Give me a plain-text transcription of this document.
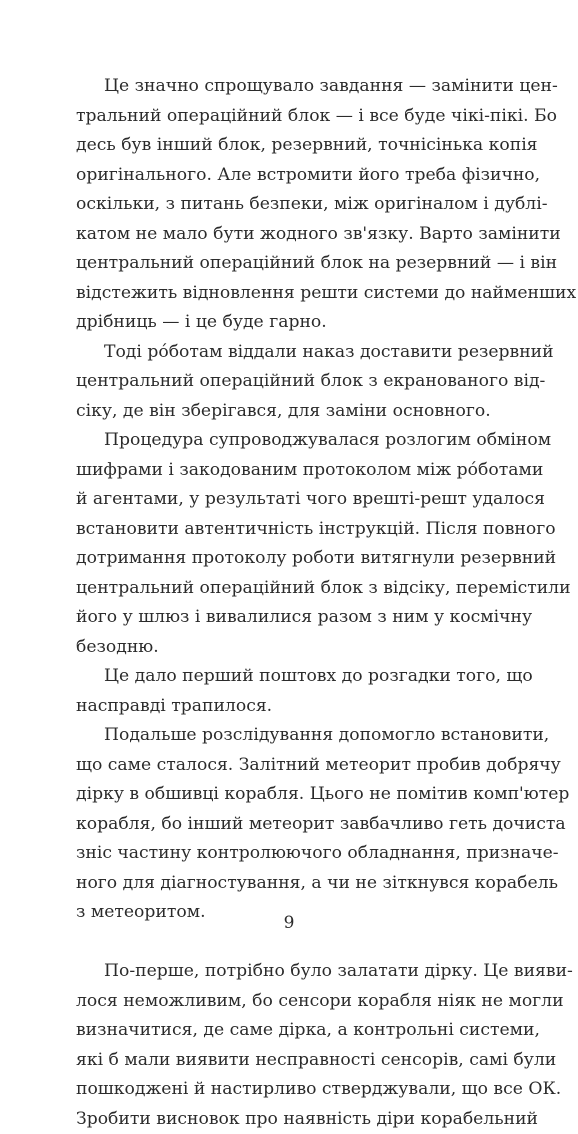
Це значно спрощувало завдання — замінити цен-
тральний операційний блок — і все буде чікі-пікі. Бо
десь був інший блок, резервний, точнісінька копія
оригінального. Але встромити його треба фізично,
оскільки, з питань безпеки, між оригіналом і дублі-
катом не мало бути жодного зв'язку. Варто замінити
центральний операційний блок на резервний — і він
відстежить відновлення решти системи до найменших
дрібниць — і це буде гарно.
Тоді рóботам віддали наказ доставити резервний
центральний операційний блок з екранованого від-
сіку, де він зберігався, для заміни основного.
Процедура супроводжувалася розлогим обміном
шифрами і закодованим протоколом між рóботами
й агентами, у результаті чого врешті-решт удалося
встановити автентичність інструкцій. Після повного
дотримання протоколу роботи витягнули резервний
центральний операційний блок з відсіку, перемістили
його у шлюз і вивалилися разом з ним у космічну
безодню.
Це дало перший поштовх до розгадки того, що
насправді трапилося.
Подальше розслідування допомогло встановити,
що саме сталося. Залітний метеорит пробив добрячу
дірку в обшивці корабля. Цього не помітив комп'ютер
корабля, бо інший метеорит завбачливо геть дочиста
зніс частину контролюючого обладнання, призначе-
ного для діагностування, а чи не зіткнувся корабель
з метеоритом.
По-перше, потрібно було залатати дірку. Це вияви-
лося неможливим, бо сенсори корабля ніяк не могли
визначитися, де саме дірка, а контрольні системи,
які б мали виявити несправності сенсорів, самі були
пошкоджені й настирливо стверджували, що все ОК.
Зробити висновок про наявність діри корабельний
9
